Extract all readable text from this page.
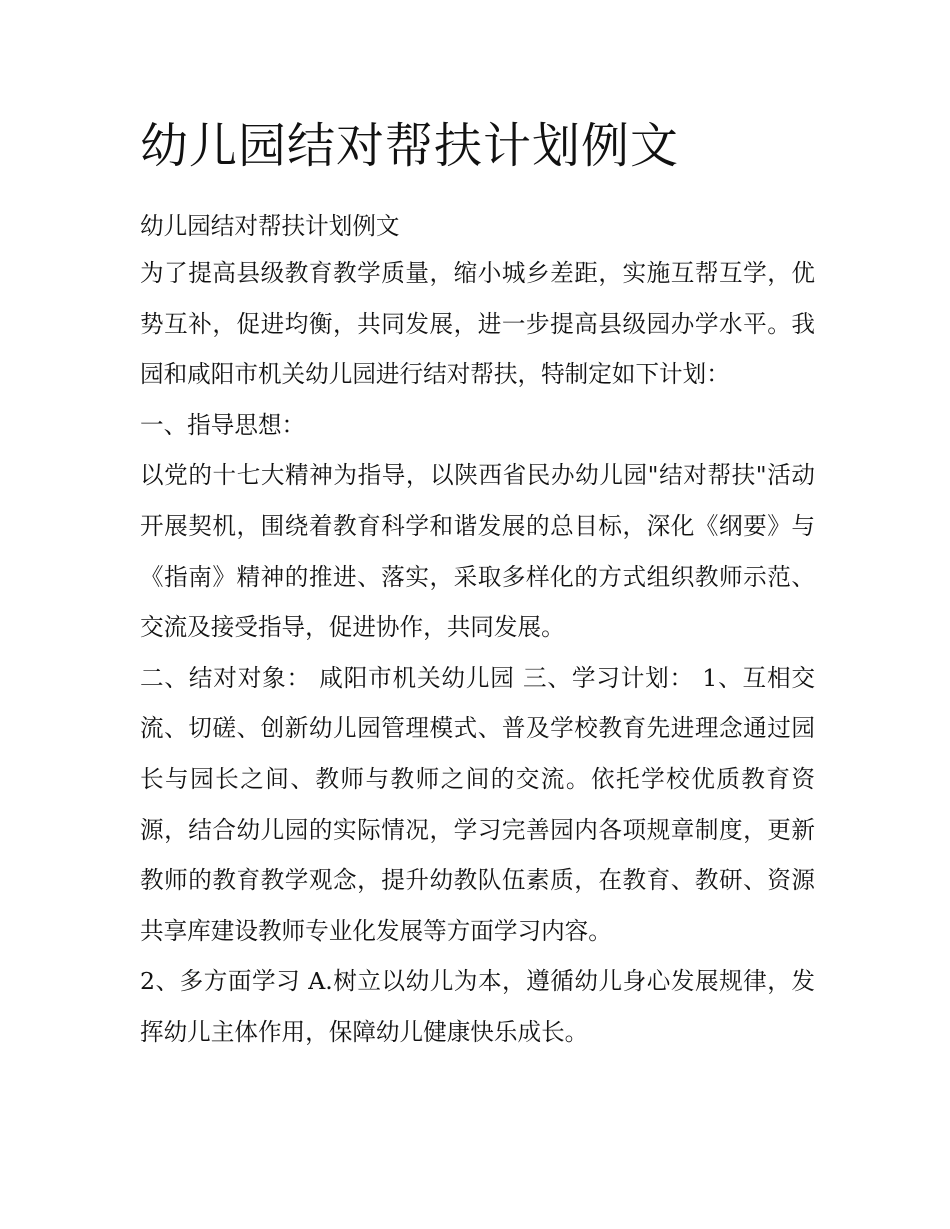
幼儿园结对帮扶计划例文

幼儿园结对帮扶计划例文

为了提高县级教育教学质量，缩小城乡差距，实施互帮互学，优势互补，促进均衡，共同发展，进一步提高县级园办学水平。我园和咸阳市机关幼儿园进行结对帮扶，特制定如下计划：

一、指导思想：

以党的十七大精神为指导，以陕西省民办幼儿园"结对帮扶"活动开展契机，围绕着教育科学和谐发展的总目标，深化《纲要》与《指南》精神的推进、落实，采取多样化的方式组织教师示范、交流及接受指导，促进协作，共同发展。

二、结对对象： 咸阳市机关幼儿园 三、学习计划： 1、互相交流、切磋、创新幼儿园管理模式、普及学校教育先进理念通过园长与园长之间、教师与教师之间的交流。依托学校优质教育资源，结合幼儿园的实际情况，学习完善园内各项规章制度，更新教师的教育教学观念，提升幼教队伍素质，在教育、教研、资源共享库建设教师专业化发展等方面学习内容。

2、多方面学习 A.树立以幼儿为本，遵循幼儿身心发展规律，发挥幼儿主体作用，保障幼儿健康快乐成长。
